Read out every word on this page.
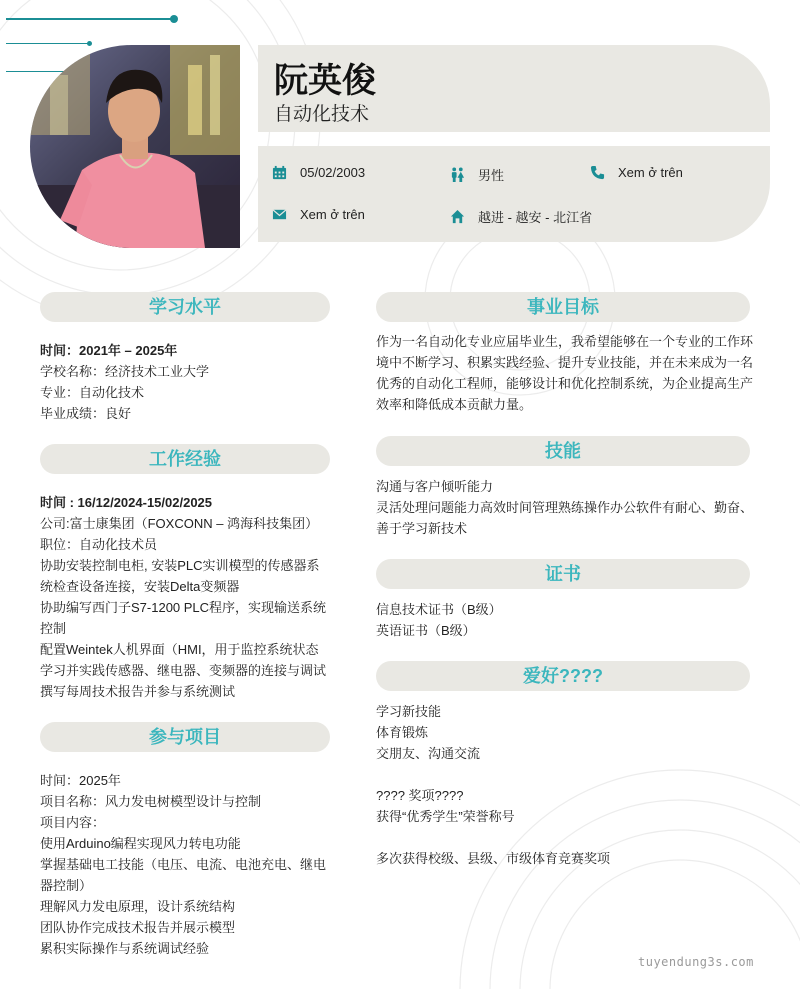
阮英俊
自动化技术
05/02/2003	男性	Xem ở trên
Xem ở trên	越进 - 越安 - 北江省
学习水平

时间：2021年 – 2025年

学校名称：经济技术工业大学

专业：自动化技术

毕业成绩：良好

工作经验

时间 : 16/12/2024-15/02/2025

公司:富士康集团（FOXCONN – 鸿海科技集团）

职位：自动化技术员

协助安装控制电柜, 安装PLC实训模型的传感器系统检查设备连接，安装Delta变频器

协助编写西门子S7-1200 PLC程序，实现输送系统控制

配置Weintek人机界面（HMI，用于监控系统状态

学习并实践传感器、继电器、变频器的连接与调试

撰写每周技术报告并参与系统测试

参与项目

时间：2025年

项目名称：风力发电树模型设计与控制

项目内容：

使用Arduino编程实现风力转电功能

掌握基础电工技能（电压、电流、电池充电、继电器控制）

理解风力发电原理，设计系统结构

团队协作完成技术报告并展示模型

累积实际操作与系统调试经验

事业目标

作为一名自动化专业应届毕业生，我希望能够在一个专业的工作环境中不断学习、积累实践经验、提升专业技能，并在未来成为一名优秀的自动化工程师，能够设计和优化控制系统，为企业提高生产效率和降低成本贡献力量。

技能

沟通与客户倾听能力

灵活处理问题能力高效时间管理熟练操作办公软件有耐心、勤奋、善于学习新技术

证书

信息技术证书（B级）

英语证书（B级）

爱好????

学习新技能

体育锻炼

交朋友、沟通交流

???? 奖项????

获得“优秀学生”荣誉称号

多次获得校级、县级、市级体育竞赛奖项

tuyendung3s.com
